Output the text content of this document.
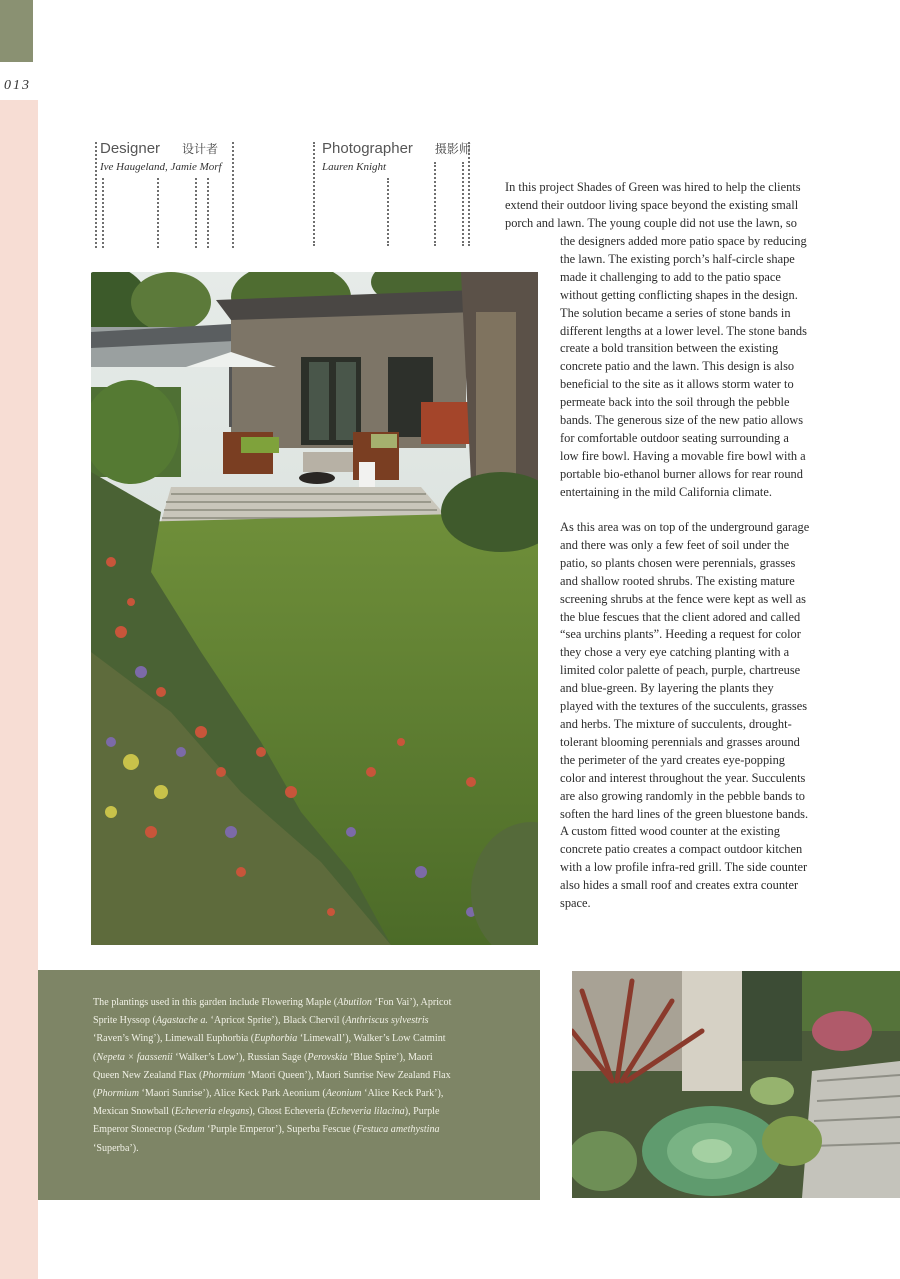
013
Designer 设计者
Ive Haugeland, Jamie Morf
Photographer 摄影师
Lauren Knight
In this project Shades of Green was hired to help the clients
extend their outdoor living space beyond the existing small
porch and lawn. The young couple did not use the lawn, so
the designers added more patio space by reducing
the lawn. The existing porch’s half-circle shape
made it challenging to add to the patio space
without getting conflicting shapes in the design.
The solution became a series of stone bands in
different lengths at a lower level. The stone bands
create a bold transition between the existing
concrete patio and the lawn. This design is also
beneficial to the site as it allows storm water to
permeate back into the soil through the pebble
bands. The generous size of the new patio allows
for comfortable outdoor seating surrounding a
low fire bowl. Having a movable fire bowl with a
portable bio-ethanol burner allows for rear round
entertaining in the mild California climate.
As this area was on top of the underground garage
and there was only a few feet of soil under the
patio, so plants chosen were perennials, grasses
and shallow rooted shrubs. The existing mature
screening shrubs at the fence were kept as well as
the blue fescues that the client adored and called
“sea urchins plants”. Heeding a request for color
they chose a very eye catching planting with a
limited color palette of peach, purple, chartreuse
and blue-green. By layering the plants they
played with the textures of the succulents, grasses
and herbs. The mixture of succulents, drought-
tolerant blooming perennials and grasses around
the perimeter of the yard creates eye-popping
color and interest throughout the year. Succulents
are also growing randomly in the pebble bands to
soften the hard lines of the green bluestone bands.
A custom fitted wood counter at the existing
concrete patio creates a compact outdoor kitchen
with a low profile infra-red grill. The side counter
also hides a small roof and creates extra counter
space.
The plantings used in this garden include Flowering Maple (Abutilon ‘Fon Vai’), Apricot
Sprite Hyssop (Agastache a. ‘Apricot Sprite’), Black Chervil (Anthriscus sylvestris
‘Raven’s Wing’), Limewall Euphorbia (Euphorbia ‘Limewall’), Walker’s Low Catmint
(Nepeta × faassenii ‘Walker’s Low’), Russian Sage (Perovskia ‘Blue Spire’), Maori
Queen New Zealand Flax (Phormium ‘Maori Queen’), Maori Sunrise New Zealand Flax
(Phormium ‘Maori Sunrise’), Alice Keck Park Aeonium (Aeonium ‘Alice Keck Park’),
Mexican Snowball (Echeveria elegans), Ghost Echeveria (Echeveria lilacina), Purple
Emperor Stonecrop (Sedum ‘Purple Emperor’), Superba Fescue (Festuca amethystina
‘Superba’).
